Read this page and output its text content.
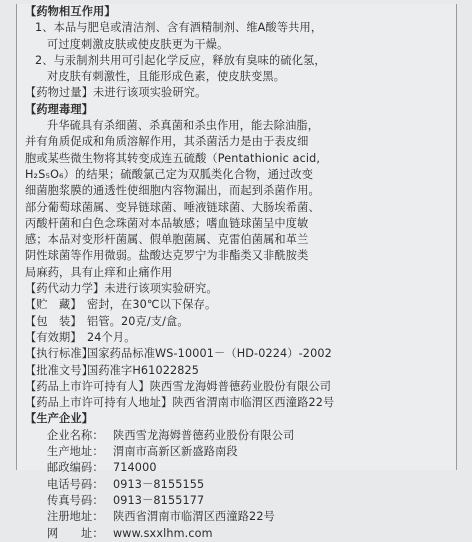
【药物相互作用】
1、本品与肥皂或清洁剂、含有酒精制剂、维A酸等共用，
可过度刺激皮肤或使皮肤更为干燥。
2、与汞制剂共用可引起化学反应，释放有臭味的硫化氢，
对皮肤有刺激性，且能形成色素，使皮肤变黑。
【药物过量】未进行该项实验研究。
【药理毒理】
升华硫具有杀细菌、杀真菌和杀虫作用，能去除油脂，
并有角质促成和角质溶解作用，其杀菌活力是由于表皮细
胞或某些微生物将其转变成连五硫酸（Pentathionic acid,
H₂S₅O₆）的结果；硫酸氯己定为双胍类化合物，通过改变
细菌胞浆膜的通透性使细胞内容物漏出，而起到杀菌作用。
部分葡萄球菌属、变异链球菌、唾液链球菌、大肠埃希菌、
丙酸杆菌和白色念珠菌对本品敏感；嗜血链球菌呈中度敏
感；本品对变形杆菌属、假单胞菌属、克雷伯菌属和革兰
阴性球菌等作用微弱。盐酸达克罗宁为非酯类又非酰胺类
局麻药，具有止痒和止痛作用
【药代动力学】未进行该项实验研究。
【贮　藏】 密封，在30℃以下保存。
【包　装】 铝管。20克/支/盒。
【有效期】 24个月。
【执行标准】
国家药品标准WS-10001－（HD-0224）-2002
【批准文号】
国药准字H61022825
【药品上市许可持有人】陕西雪龙海姆普德药业股份有限公司
【药品上市许可持有人地址】陕西省渭南市临渭区西潼路22号
【生产企业】
企业名称： 陕西雪龙海姆普德药业股份有限公司
生产地址： 渭南市高新区新盛路南段
邮政编码： 714000
电话号码： 0913－8155155
传真号码： 0913－8155177
注册地址： 陕西省渭南市临渭区西潼路22号
网　　址： www.sxxlhm.com
